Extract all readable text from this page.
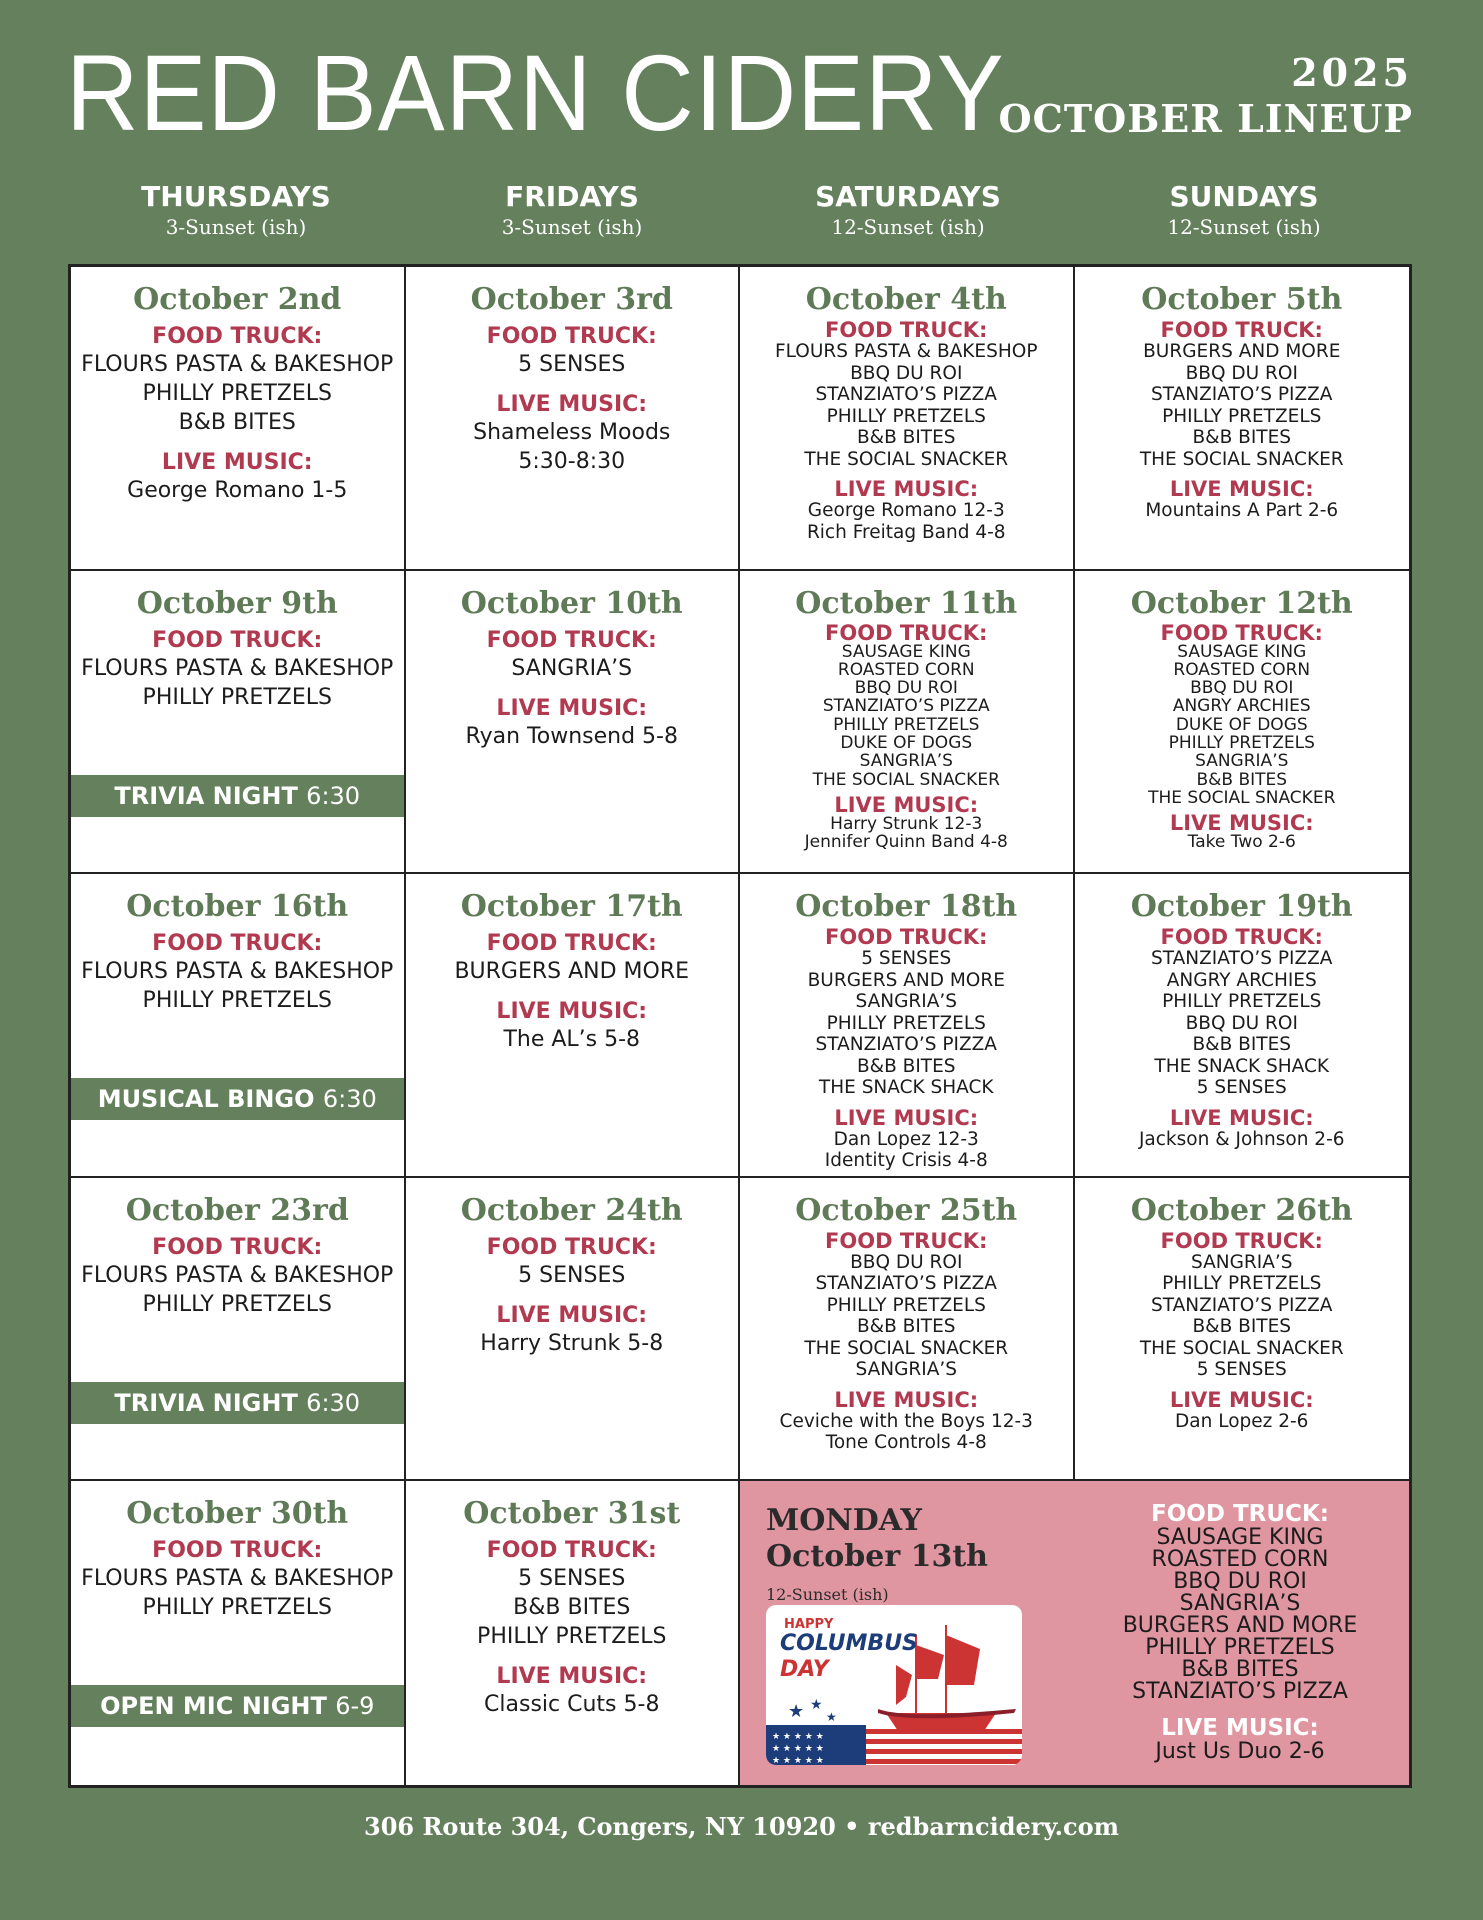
RED BARN CIDERY	2025
OCTOBER LINEUP
THURSDAYS
3-Sunset (ish)
FRIDAYS
3-Sunset (ish)
SATURDAYS
12-Sunset (ish)
SUNDAYS
12-Sunset (ish)
October 2nd
FOOD TRUCK:
FLOURS PASTA & BAKESHOP
PHILLY PRETZELS
B&B BITES
LIVE MUSIC:
George Romano 1-5
October 3rd
FOOD TRUCK:
5 SENSES
LIVE MUSIC:
Shameless Moods
5:30-8:30
October 4th
FOOD TRUCK:
FLOURS PASTA & BAKESHOP
BBQ DU ROI
STANZIATO’S PIZZA
PHILLY PRETZELS
B&B BITES
THE SOCIAL SNACKER
LIVE MUSIC:
George Romano 12-3
Rich Freitag Band 4-8
October 5th
FOOD TRUCK:
BURGERS AND MORE
BBQ DU ROI
STANZIATO’S PIZZA
PHILLY PRETZELS
B&B BITES
THE SOCIAL SNACKER
LIVE MUSIC:
Mountains A Part 2-6
October 9th
FOOD TRUCK:
FLOURS PASTA & BAKESHOP
PHILLY PRETZELS
TRIVIA NIGHT 6:30
October 10th
FOOD TRUCK:
SANGRIA’S
LIVE MUSIC:
Ryan Townsend 5-8
October 11th
FOOD TRUCK:
SAUSAGE KING
ROASTED CORN
BBQ DU ROI
STANZIATO’S PIZZA
PHILLY PRETZELS
DUKE OF DOGS
SANGRIA’S
THE SOCIAL SNACKER
LIVE MUSIC:
Harry Strunk 12-3
Jennifer Quinn Band 4-8
October 12th
FOOD TRUCK:
SAUSAGE KING
ROASTED CORN
BBQ DU ROI
ANGRY ARCHIES
DUKE OF DOGS
PHILLY PRETZELS
SANGRIA’S
B&B BITES
THE SOCIAL SNACKER
LIVE MUSIC:
Take Two 2-6
October 16th
FOOD TRUCK:
FLOURS PASTA & BAKESHOP
PHILLY PRETZELS
MUSICAL BINGO 6:30
October 17th
FOOD TRUCK:
BURGERS AND MORE
LIVE MUSIC:
The AL’s 5-8
October 18th
FOOD TRUCK:
5 SENSES
BURGERS AND MORE
SANGRIA’S
PHILLY PRETZELS
STANZIATO’S PIZZA
B&B BITES
THE SNACK SHACK
LIVE MUSIC:
Dan Lopez 12-3
Identity Crisis 4-8
October 19th
FOOD TRUCK:
STANZIATO’S PIZZA
ANGRY ARCHIES
PHILLY PRETZELS
BBQ DU ROI
B&B BITES
THE SNACK SHACK
5 SENSES
LIVE MUSIC:
Jackson & Johnson 2-6
October 23rd
FOOD TRUCK:
FLOURS PASTA & BAKESHOP
PHILLY PRETZELS
TRIVIA NIGHT 6:30
October 24th
FOOD TRUCK:
5 SENSES
LIVE MUSIC:
Harry Strunk 5-8
October 25th
FOOD TRUCK:
BBQ DU ROI
STANZIATO’S PIZZA
PHILLY PRETZELS
B&B BITES
THE SOCIAL SNACKER
SANGRIA’S
LIVE MUSIC:
Ceviche with the Boys 12-3
Tone Controls 4-8
October 26th
FOOD TRUCK:
SANGRIA’S
PHILLY PRETZELS
STANZIATO’S PIZZA
B&B BITES
THE SOCIAL SNACKER
5 SENSES
LIVE MUSIC:
Dan Lopez 2-6
October 30th
FOOD TRUCK:
FLOURS PASTA & BAKESHOP
PHILLY PRETZELS
OPEN MIC NIGHT 6-9
October 31st
FOOD TRUCK:
5 SENSES
B&B BITES
PHILLY PRETZELS
LIVE MUSIC:
Classic Cuts 5-8
MONDAY
October 13th
12-Sunset (ish)
★ ★ ★ ★ ★
★ ★ ★ ★ ★
★ ★ ★ ★ ★
★ ★
★
HAPPY
COLUMBUS
DAY
FOOD TRUCK:
SAUSAGE KING
ROASTED CORN
BBQ DU ROI
SANGRIA’S
BURGERS AND MORE
PHILLY PRETZELS
B&B BITES
STANZIATO’S PIZZA
LIVE MUSIC:
Just Us Duo 2-6
306 Route 304, Congers, NY 10920 • redbarncidery.com
